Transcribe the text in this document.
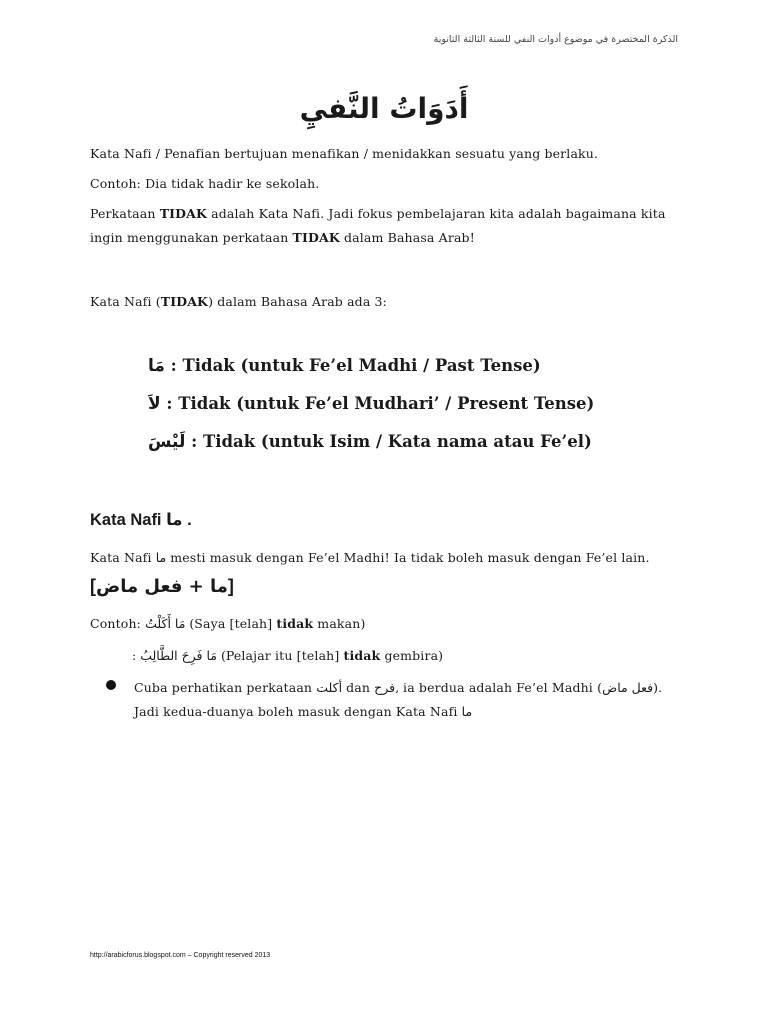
الذكرة المختصرة في موضوع أدوات النفي للسنة الثالثة الثانوية
أَدَوَاتُ النَّفيِ

Kata Nafi / Penafian bertujuan menafikan / menidakkan sesuatu yang berlaku.

Contoh: Dia tidak hadir ke sekolah.

Perkataan TIDAK adalah Kata Nafi. Jadi fokus pembelajaran kita adalah bagaimana kita ingin menggunakan perkataan TIDAK dalam Bahasa Arab!

Kata Nafi (TIDAK) dalam Bahasa Arab ada 3:

مَا : Tidak (untuk Fe’el Madhi / Past Tense)
لاَ : Tidak (untuk Fe’el Mudhari’ / Present Tense)
لَيْسَ : Tidak (untuk Isim / Kata nama atau Fe’el)
Kata Nafi ما .

Kata Nafi ما mesti masuk dengan Fe’el Madhi! Ia tidak boleh masuk dengan Fe’el lain.

[ما + فعل ماض]

Contoh: مَا أَكَلْتُ (Saya [telah] tidak makan)

: مَا فَرِحَ الطَّالِبُ (Pelajar itu [telah] tidak gembira)

Cuba perhatikan perkataan أكلت dan فرح, ia berdua adalah Fe’el Madhi (فعل ماض). Jadi kedua-duanya boleh masuk dengan Kata Nafi ما

http://arabicforus.blogspot.com – Copyright reserved 2013
